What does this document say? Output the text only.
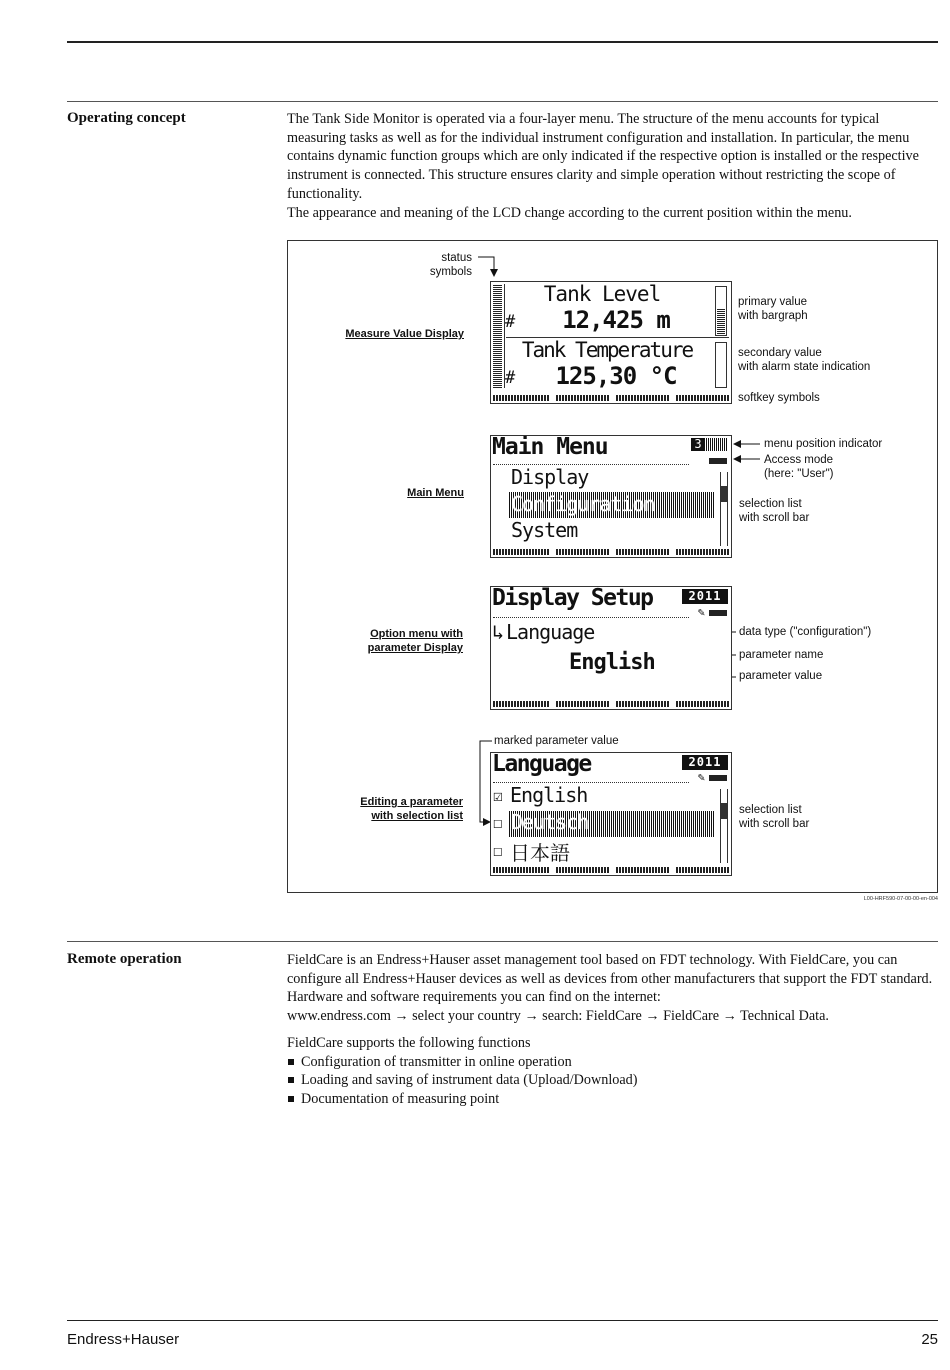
Operating concept	The Tank Side Monitor is operated via a four-layer menu. The structure of the menu accounts for typical measuring tasks as well as for the individual instrument configuration and installation. In particular, the menu contains dynamic function groups which are only indicated if the respective option is installed or the respective instrument is connected. This structure ensures clarity and simple operation without restricting the scope of functionality.

The appearance and meaning of the LCD change according to the current position within the menu.

Measure Value Display
Main Menu
Option menu with
parameter Display
Editing a parameter
with selection list
status
symbols
primary value
with bargraph
secondary value
with alarm state indication
softkey symbols
menu position indicator
Access mode
(here: "User")
selection list
with scroll bar
data type ("configuration")
parameter name
parameter value
marked parameter value
selection list
with scroll bar
Tank Level
#	12,425 m
Tank Temperature
#	125,30 °C
Main Menu	3
Display
Configuration
System
Display Setup	2011
✎
↳ Language
English
Language	2011
✎
☑ English
☐ Deutsch
☐ 日本語
L00-HRF590-07-00-00-en-004
Remote operation	FieldCare is an Endress+Hauser asset management tool based on FDT technology. With FieldCare, you can configure all Endress+Hauser devices as well as devices from other manufacturers that support the FDT standard. Hardware and software requirements you can find on the internet:

www.endress.com → select your country → search: FieldCare → FieldCare → Technical Data.

FieldCare supports the following functions

Configuration of transmitter in online operation
Loading and saving of instrument data (Upload/Download)
Documentation of measuring point
Endress+Hauser	25
